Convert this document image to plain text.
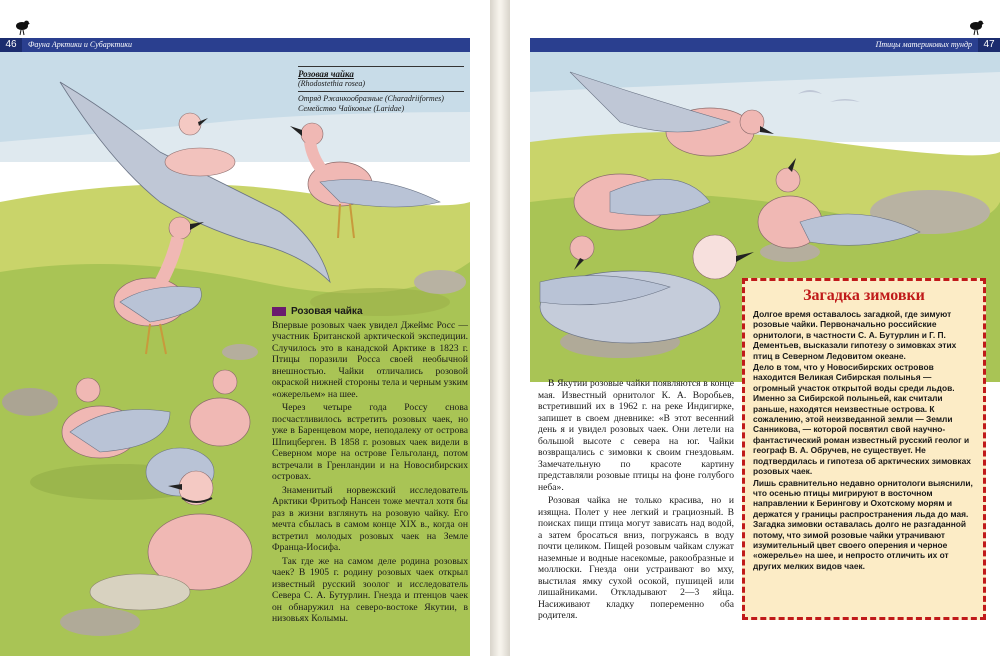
46	Фауна Арктики и Субарктики
Розовая чайка
(Rhodostethia rosea)
Отряд Ржанкообразные (Charadriiformes)
Семейство Чайковые (Laridae)
Розовая чайка

Впервые розовых чаек увидел Джеймс Росс — участник Британской арктической экспедиции. Случилось это в канадской Арктике в 1823 г. Птицы поразили Росса своей необычной внешностью. Чайки отличались розовой окраской нижней стороны тела и черным узким «ожерельем» на шее.

Через четыре года Россу снова посчастливилось встретить розовых чаек, но уже в Баренцевом море, неподалеку от острова Шпицберген. В 1858 г. розовых чаек видели в Северном море на острове Гельголанд, потом встречали в Гренландии и на Новосибирских островах.

Знаменитый норвежский исследователь Арктики Фритьоф Нансен тоже мечтал хотя бы раз в жизни взглянуть на розовую чайку. Его мечта сбылась в самом конце XIX в., когда он встретил молодых розовых чаек на Земле Франца-Иосифа.

Так где же на самом деле родина розовых чаек? В 1905 г. родину розовых чаек открыл известный русский зоолог и исследователь Севера С. А. Бутурлин. Гнезда и птенцов чаек он обнаружил на северо-востоке Якутии, в низовьях Колымы.

Птицы материковых тундр	47

В Якутии розовые чайки появляются в конце мая. Известный орнитолог К. А. Воробьев, встретивший их в 1962 г. на реке Индигирке, запишет в своем дневнике: «В этот весенний день я и увидел розовых чаек. Они летели на большой высоте с севера на юг. Чайки возвращались с зимовки к своим гнездовьям. Замечательную по красоте картину представляли розовые птицы на фоне голубого неба».

Розовая чайка не только красива, но и изящна. Полет у нее легкий и грациозный. В поисках пищи птица могут зависать над водой, а затем бросаться вниз, погружаясь в воду почти целиком. Пищей розовым чайкам служат наземные и водные насекомые, ракообразные и моллюски. Гнезда они устраивают во мху, выстилая ямку сухой осокой, пушицей или лишайниками. Откладывают 2—3 яйца. Насиживают кладку попеременно оба родителя.

Загадка зимовки

Долгое время оставалось загадкой, где зимуют розовые чайки. Первоначально российские орнитологи, в частности С. А. Бутурлин и Г. П. Дементьев, высказали гипотезу о зимовках этих птиц в Северном Ледовитом океане.

Дело в том, что у Новосибирских островов находится Великая Сибирская полынья — огромный участок открытой воды среди льдов. Именно за Сибирской полыньей, как считали раньше, находятся неизвестные острова. К сожалению, этой неизведанной земли — Земли Санникова, — которой посвятил свой научно-фантастический роман известный русский геолог и географ В. А. Обручев, не существует. Не подтвердилась и гипотеза об арктических зимовках розовых чаек.

Лишь сравнительно недавно орнитологи выяснили, что осенью птицы мигрируют в восточном направлении к Берингову и Охотскому морям и держатся у границы распространения льда до мая. Загадка зимовки оставалась долго не разгаданной потому, что зимой розовые чайки утрачивают изумительный цвет своего оперения и черное «ожерелье» на шее, и непросто отличить их от других мелких видов чаек.
